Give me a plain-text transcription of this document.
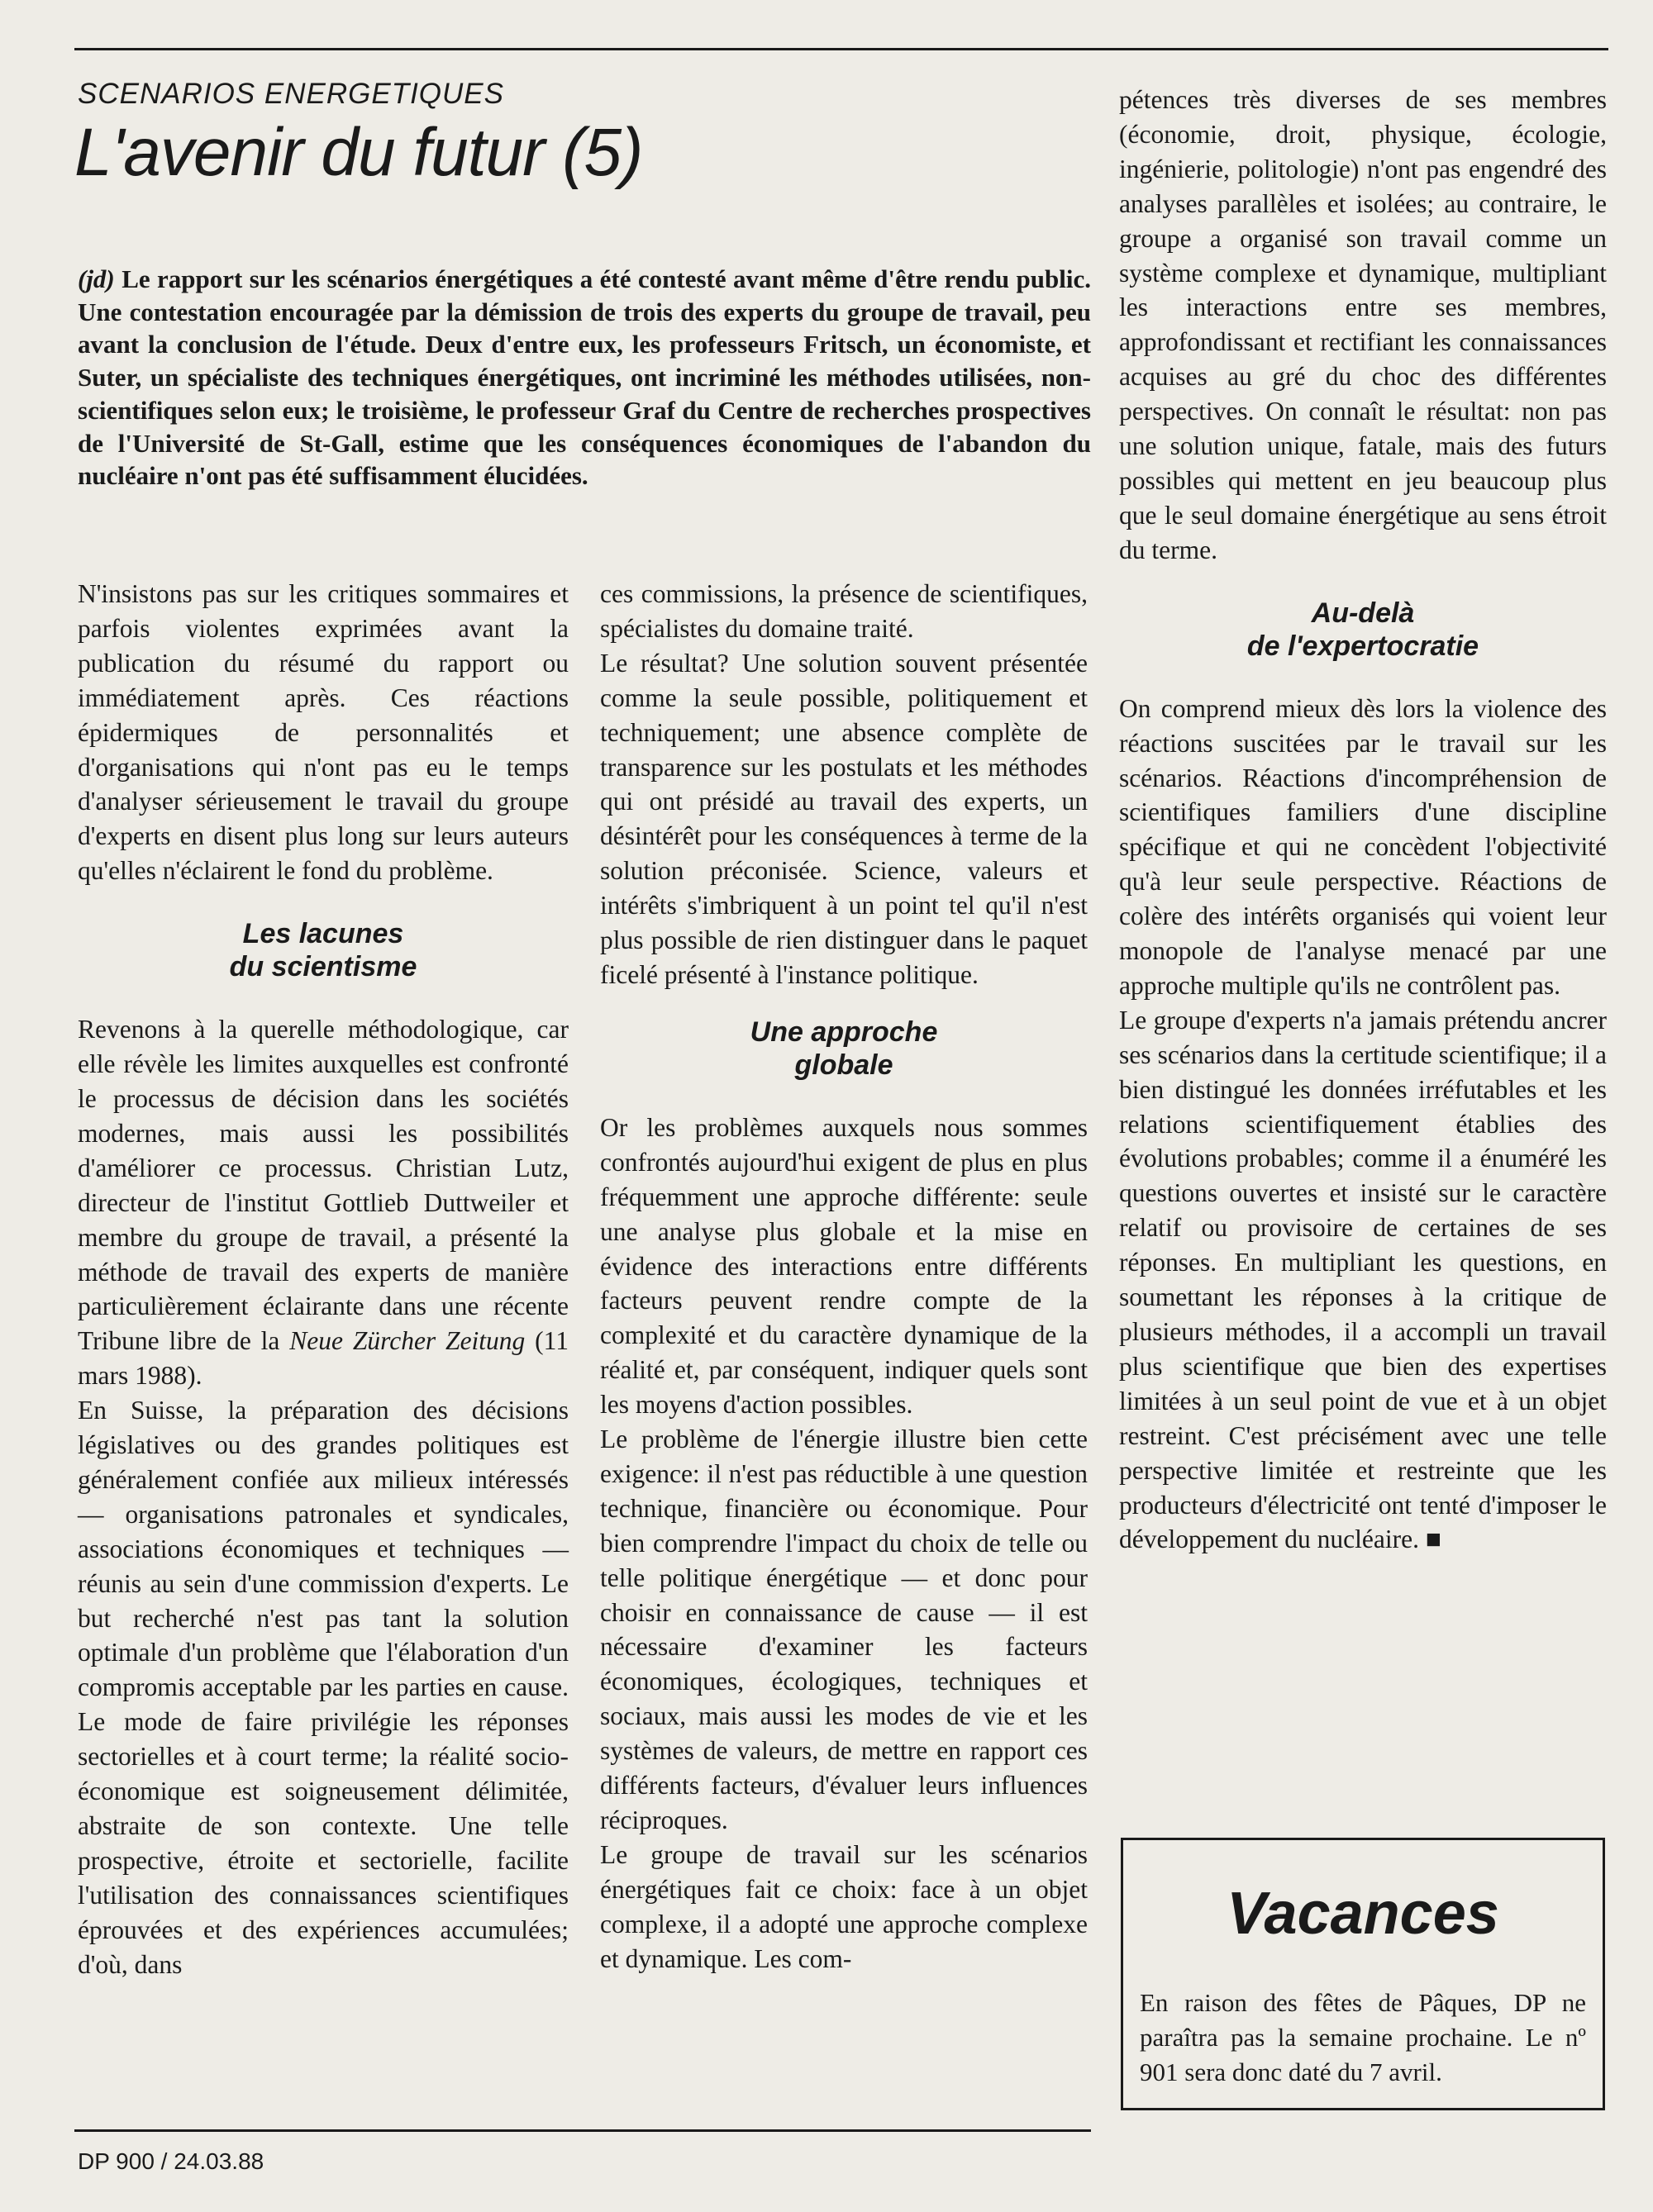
SCENARIOS ENERGETIQUES
L'avenir du futur (5)

(jd) Le rapport sur les scénarios énergétiques a été contesté avant même d'être rendu public. Une contestation encouragée par la démission de trois des experts du groupe de travail, peu avant la conclusion de l'étude. Deux d'entre eux, les professeurs Fritsch, un économiste, et Suter, un spécialiste des techniques énergétiques, ont incriminé les méthodes utilisées, non-scientifiques selon eux; le troisième, le professeur Graf du Centre de recherches prospectives de l'Université de St-Gall, estime que les conséquences économiques de l'abandon du nucléaire n'ont pas été suffisamment élucidées.

N'insistons pas sur les critiques sommaires et parfois violentes exprimées avant la publication du résumé du rapport ou immédiatement après. Ces réactions épidermiques de personnalités et d'organisations qui n'ont pas eu le temps d'analyser sérieusement le travail du groupe d'experts en disent plus long sur leurs auteurs qu'elles n'éclairent le fond du problème.

Les lacunes
du scientisme

Revenons à la querelle méthodologique, car elle révèle les limites auxquelles est confronté le processus de décision dans les sociétés modernes, mais aussi les possibilités d'améliorer ce processus. Christian Lutz, directeur de l'institut Gottlieb Duttweiler et membre du groupe de travail, a présenté la méthode de travail des experts de manière particulièrement éclairante dans une récente Tribune libre de la Neue Zürcher Zeitung (11 mars 1988).

En Suisse, la préparation des décisions législatives ou des grandes politiques est généralement confiée aux milieux intéressés — organisations patronales et syndicales, associations économiques et techniques — réunis au sein d'une commission d'experts. Le but recherché n'est pas tant la solution optimale d'un problème que l'élaboration d'un compromis acceptable par les parties en cause. Le mode de faire privilégie les réponses sectorielles et à court terme; la réalité socio-économique est soigneusement délimitée, abstraite de son contexte. Une telle prospective, étroite et sectorielle, facilite l'utilisation des connaissances scientifiques éprouvées et des expériences accumulées; d'où, dans

ces commissions, la présence de scientifiques, spécialistes du domaine traité.

Le résultat? Une solution souvent présentée comme la seule possible, politiquement et techniquement; une absence complète de transparence sur les postulats et les méthodes qui ont présidé au travail des experts, un désintérêt pour les conséquences à terme de la solution préconisée. Science, valeurs et intérêts s'imbriquent à un point tel qu'il n'est plus possible de rien distinguer dans le paquet ficelé présenté à l'instance politique.

Une approche
globale

Or les problèmes auxquels nous sommes confrontés aujourd'hui exigent de plus en plus fréquemment une approche différente: seule une analyse plus globale et la mise en évidence des interactions entre différents facteurs peuvent rendre compte de la complexité et du caractère dynamique de la réalité et, par conséquent, indiquer quels sont les moyens d'action possibles.

Le problème de l'énergie illustre bien cette exigence: il n'est pas réductible à une question technique, financière ou économique. Pour bien comprendre l'impact du choix de telle ou telle politique énergétique — et donc pour choisir en connaissance de cause — il est nécessaire d'examiner les facteurs économiques, écologiques, techniques et sociaux, mais aussi les modes de vie et les systèmes de valeurs, de mettre en rapport ces différents facteurs, d'évaluer leurs influences réciproques.

Le groupe de travail sur les scénarios énergétiques fait ce choix: face à un objet complexe, il a adopté une approche complexe et dynamique. Les com-

pétences très diverses de ses membres (économie, droit, physique, écologie, ingénierie, politologie) n'ont pas engendré des analyses parallèles et isolées; au contraire, le groupe a organisé son travail comme un système complexe et dynamique, multipliant les interactions entre ses membres, approfondissant et rectifiant les connaissances acquises au gré du choc des différentes perspectives. On connaît le résultat: non pas une solution unique, fatale, mais des futurs possibles qui mettent en jeu beaucoup plus que le seul domaine énergétique au sens étroit du terme.

Au-delà
de l'expertocratie

On comprend mieux dès lors la violence des réactions suscitées par le travail sur les scénarios. Réactions d'incompréhension de scientifiques familiers d'une discipline spécifique et qui ne concèdent l'objectivité qu'à leur seule perspective. Réactions de colère des intérêts organisés qui voient leur monopole de l'analyse menacé par une approche multiple qu'ils ne contrôlent pas.

Le groupe d'experts n'a jamais prétendu ancrer ses scénarios dans la certitude scientifique; il a bien distingué les données irréfutables et les relations scientifiquement établies des évolutions probables; comme il a énuméré les questions ouvertes et insisté sur le caractère relatif ou provisoire de certaines de ses réponses. En multipliant les questions, en soumettant les réponses à la critique de plusieurs méthodes, il a accompli un travail plus scientifique que bien des expertises limitées à un seul point de vue et à un objet restreint. C'est précisément avec une telle perspective limitée et restreinte que les producteurs d'électricité ont tenté d'imposer le développement du nucléaire. ■

Vacances

En raison des fêtes de Pâques, DP ne paraîtra pas la semaine prochaine. Le nº 901 sera donc daté du 7 avril.

DP 900 / 24.03.88
